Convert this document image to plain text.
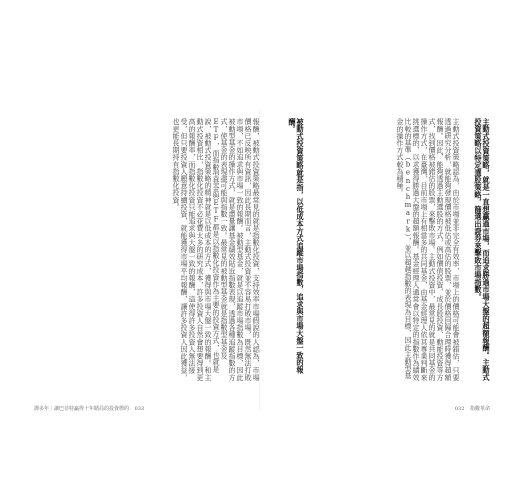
報酬，被動式投資策略最常見的就是指數化投資，支持效率市場假說的人認為，市場價格已反映所有資訊，因此長期而言，主動式投資並不容易打敗市場，既然無法打敗市場，不如追求與市場一致的報酬。被動型基金，就是以追蹤市場指數為目標，因此被動型基金的操作方式，就是盡量讓基金績效貼近指數表現，透過各種追蹤指數的方式，使基金的表現盡可能與指數一致。最常見的被動型基金就是指數型基金及ETF，而指數型基金與ETF都是以指數化投資作為主要的投資方式，也就是說，被動式投資策略的精神就是以低成本的方式，獲得與市場大盤一致的報酬。和主動式投資相比，指數化投資不必花費太多的研究成本，許多投資人自然會想要得到更高的報酬率，而指數化投資只能追求與大盤一致的報酬，這使得許多投資人無法接受，但只要投資人願意持續投資，就能獲得市場平均報酬，讓許多投資人因此獲益，也更能長期持有指數化投資。
譚多年｜讓巴菲特贏得十年賭局的投資標的 033
主動式投資策略，就是一直想贏過市場，而追求勝過市場大盤的超額報酬。主動式投資策略以特定選股策略，篩選出證券來擊敗市場指數。
主動式投資策略認為，由於市場並非完全有效率，市場上的價格可能會被錯估，只要透過研究分析，就能夠發現價格被低估或高估的股票，並於價格回歸合理時獲得超額報酬。因此，能夠透過主動選股的方式，例如價值投資、成長股投資、動能投資等方式，找到價格被錯估的股票，來擊敗市場。主動式投資中，最常見的就是共同基金的操作方式，在臺灣，目前市場上有相當多的共同基金，由基金經理人依其專業判斷來挑選標的，以求獲得勝過大盤的超額報酬。基金經理人通常會以特定的指數作為績效比較的基準（benchmark），並以超越指數的表現為目標，因此主動型基金的操作方式較為積極。
被動式投資策略就是指，以低成本方式追蹤市場指數，追求與市場大盤一致的報酬。
032 指數革命
